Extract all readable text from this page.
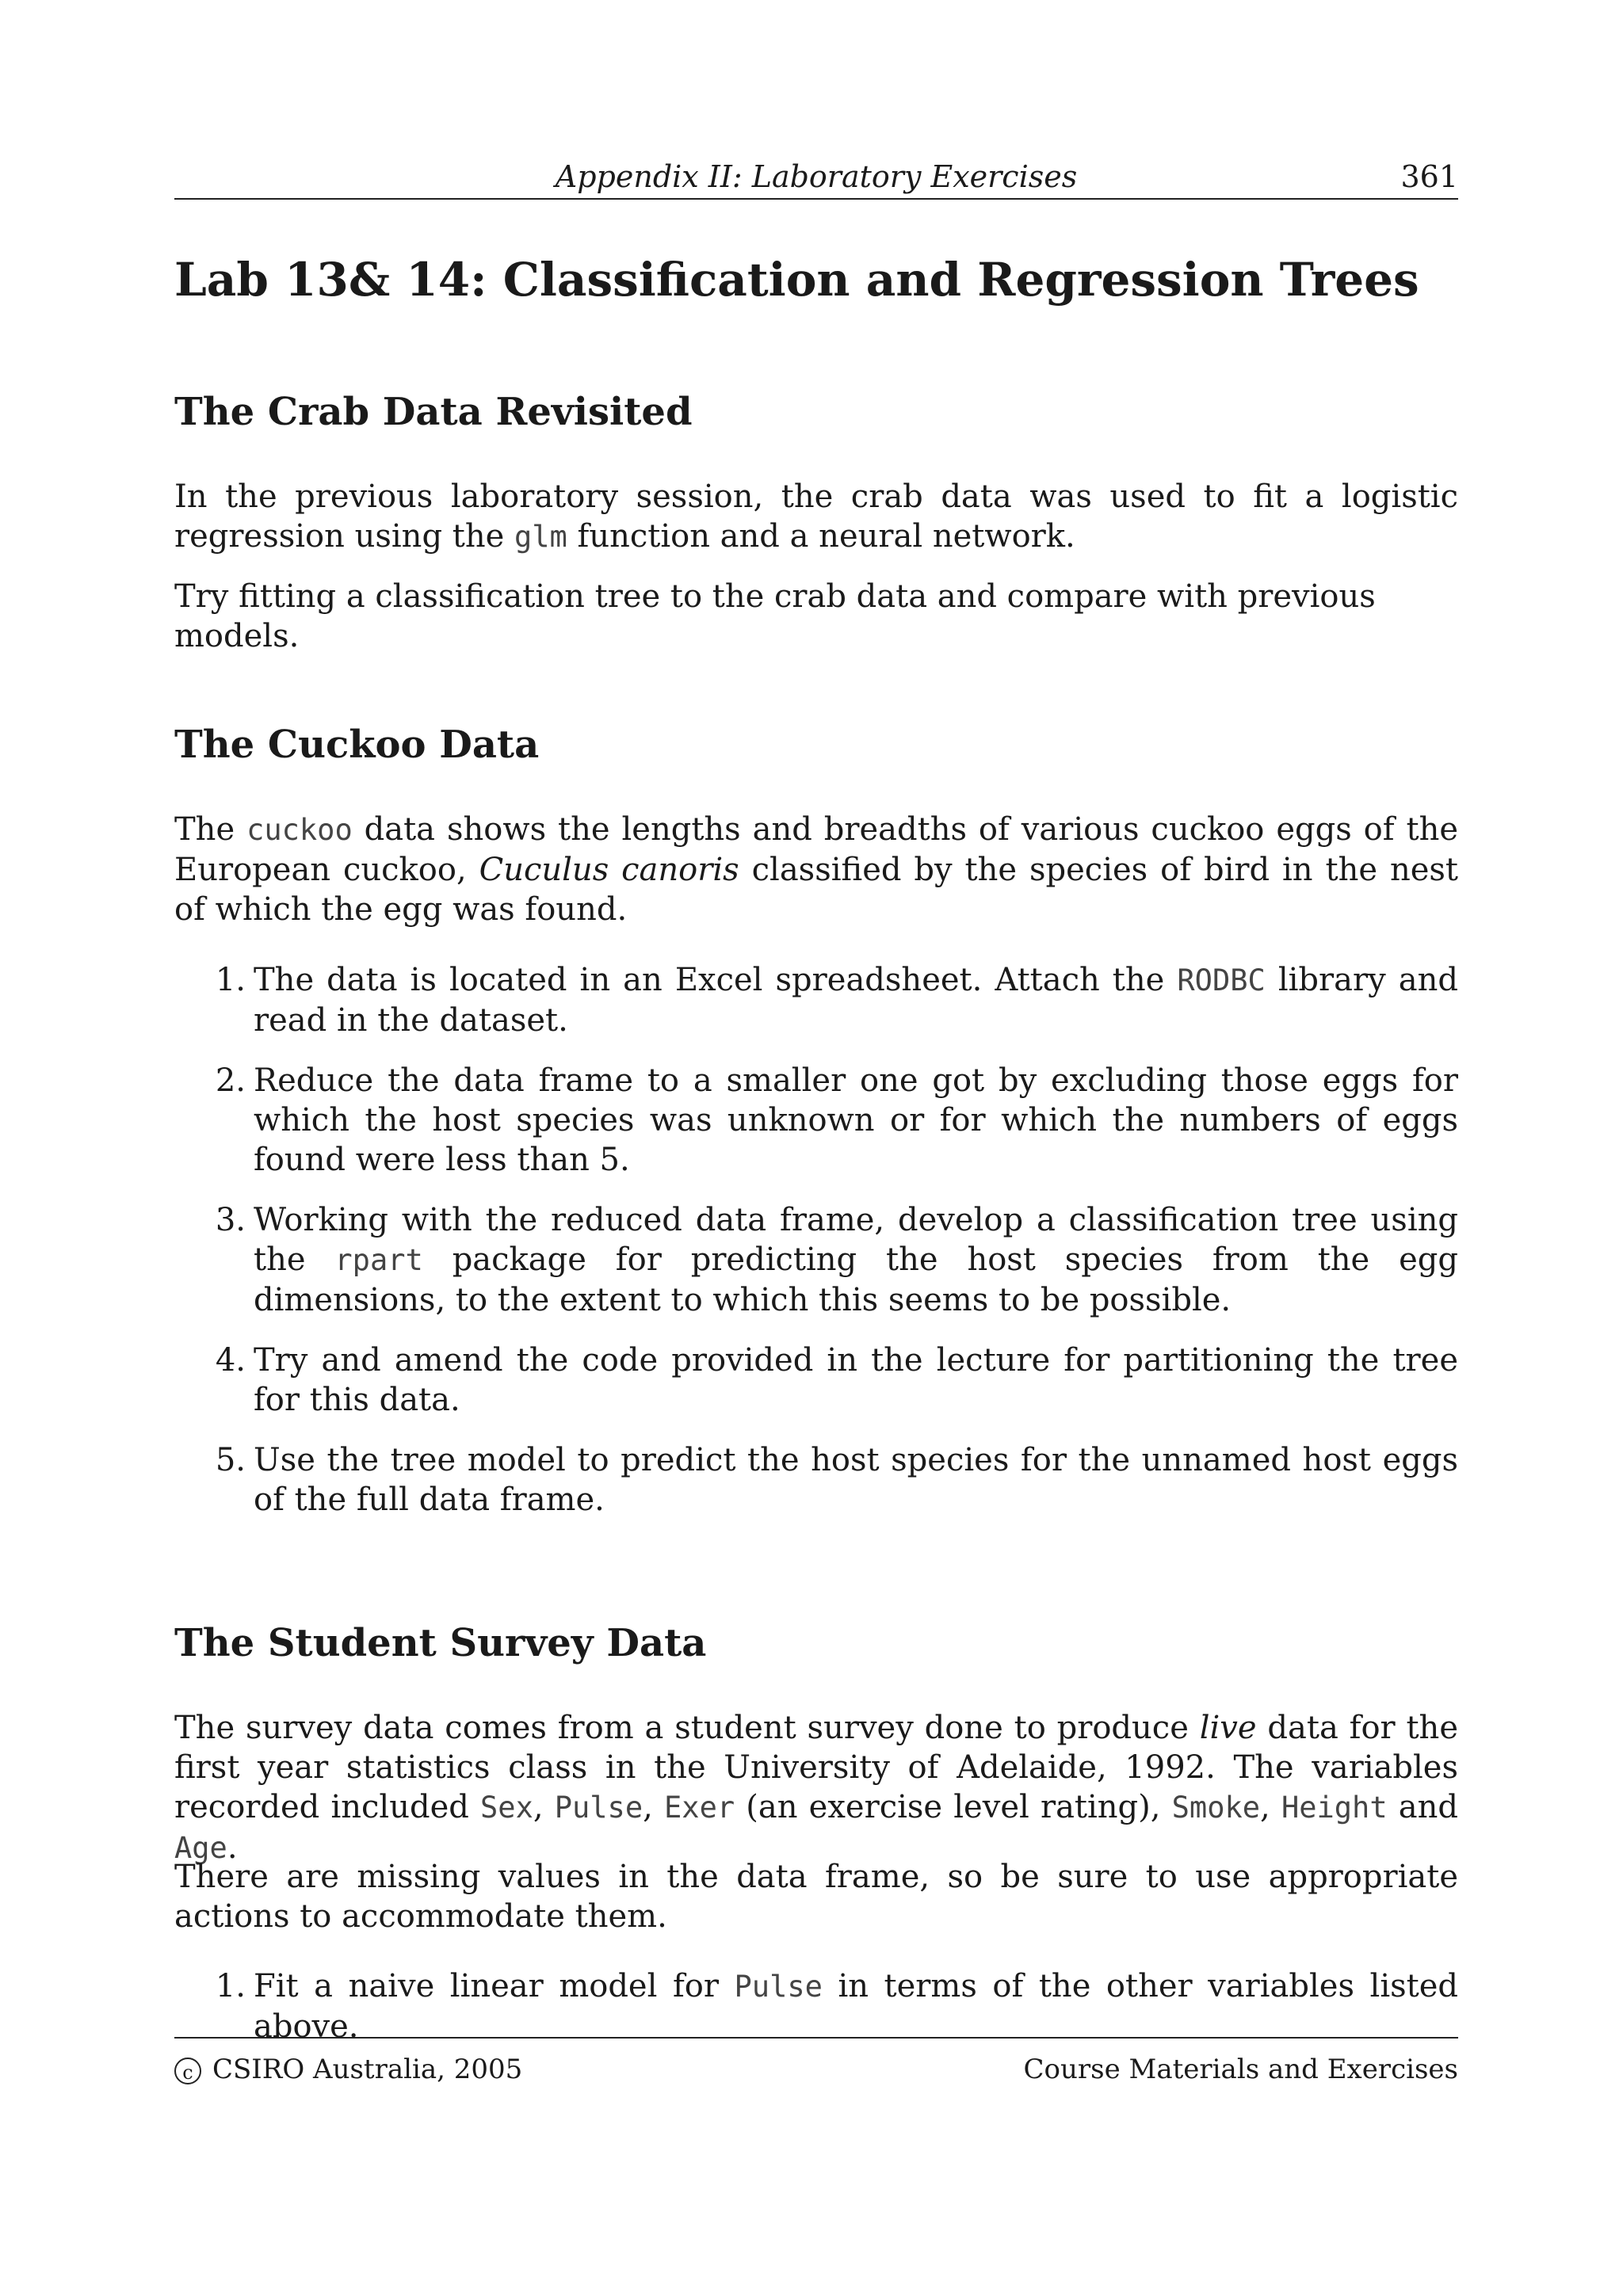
Appendix II: Laboratory Exercises	361
Lab 13& 14: Classification and Regression Trees
The Crab Data Revisited

In the previous laboratory session, the crab data was used to fit a logistic regression using the glm function and a neural network.

Try fitting a classification tree to the crab data and compare with previous models.

The Cuckoo Data

The cuckoo data shows the lengths and breadths of various cuckoo eggs of the European cuckoo, Cuculus canoris classified by the species of bird in the nest of which the egg was found.

1. The data is located in an Excel spreadsheet. Attach the RODBC library and read in the dataset.
2. Reduce the data frame to a smaller one got by excluding those eggs for which the host species was unknown or for which the numbers of eggs found were less than 5.
3. Working with the reduced data frame, develop a classification tree using the rpart package for predicting the host species from the egg dimensions, to the extent to which this seems to be possible.
4. Try and amend the code provided in the lecture for partitioning the tree for this data.
5. Use the tree model to predict the host species for the unnamed host eggs of the full data frame.
The Student Survey Data

The survey data comes from a student survey done to produce live data for the first year statistics class in the University of Adelaide, 1992. The variables recorded included Sex, Pulse, Exer (an exercise level rating), Smoke, Height and Age.

There are missing values in the data frame, so be sure to use appropriate actions to accommodate them.

1. Fit a naive linear model for Pulse in terms of the other variables listed above.
c CSIRO Australia, 2005	Course Materials and Exercises
